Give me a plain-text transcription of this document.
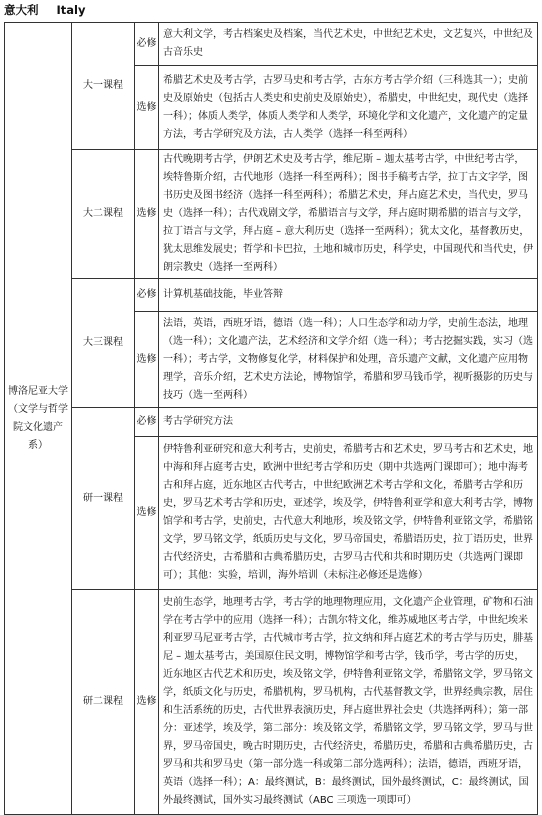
意大利 Italy
博洛尼亚大学
（文学与哲学院文化遗产系）	大一课程	必修	意大利文学，考古档案史及档案，当代艺术史，中世纪艺术史，文艺复兴，中世纪及古音乐史
		选修	希腊艺术史及考古学，古罗马史和考古学，古东方考古学介绍（三科选其一）；史前史及原始史（包括古人类史和史前史及原始史），希腊史，中世纪史，现代史（选择一科）；体质人类学，体质人类学和人类学，环境化学和文化遗产，文化遗产的定量方法，考古学研究及方法，古人类学（选择一科至两科）
	大二课程	选修	古代晚期考古学，伊朗艺术史及考古学，维尼斯 – 迦太基考古学，中世纪考古学，埃特鲁斯介绍，古代地形（选择一科至两科）；图书手稿考古学，拉丁古文字学，图书历史及图书经济（选择一科至两科）；希腊艺术史，拜占庭艺术史，当代史，罗马史（选择一科）；古代戏剧文学，希腊语言与文学，拜占庭时期希腊的语言与文学，拉丁语言与文学，拜占庭 – 意大利历史（选择一至两科）；犹太文化，基督教历史，犹太思维发展史；哲学和卡巴拉，土地和城市历史，科学史，中国现代和当代史，伊朗宗教史（选择一至两科）
	大三课程	必修	计算机基础技能，毕业答辩
		选修	法语，英语，西班牙语，德语（选一科）；人口生态学和动力学，史前生态法，地理（选一科）；文化遗产法，艺术经济和文学介绍（选一科）；考古挖掘实践，实习（选一科）；考古学，文物修复化学，材料保护和处理，音乐遗产文献，文化遗产应用物理学，音乐介绍，艺术史方法论，博物馆学，希腊和罗马钱币学，视听摄影的历史与技巧（选一至两科）
	研一课程	必修	考古学研究方法
		选修	伊特鲁利亚研究和意大利考古，史前史，希腊考古和艺术史，罗马考古和艺术史，地中海和拜占庭考古史，欧洲中世纪考古学和历史（期中共选两门课即可）；地中海考古和拜占庭，近东地区古代考古，中世纪欧洲艺术考古学和文化，希腊考古学和历史，罗马艺术考古学和历史，亚述学，埃及学，伊特鲁利亚学和意大利考古学，博物馆学和考古学，史前史，古代意大利地形，埃及铭文学，伊特鲁利亚铭文学，希腊铭文学，罗马铭文学，纸质历史与文化，罗马帝国史，希腊语历史，拉丁语历史，世界古代经济史，古希腊和古典希腊历史，古罗马古代和共和时期历史（共选两门课即可）；其他：实验，培训，海外培训（未标注必修还是选修）
	研二课程	选修	史前生态学，地理考古学，考古学的地理物理应用，文化遗产企业管理，矿物和石油学在考古学中的应用（选择一科）；古凯尔特文化，维苏威地区考古学，中世纪埃米利亚罗马尼亚考古学，古代城市考古学，拉文纳和拜占庭艺术的考古学与历史，腓基尼 – 迦太基考古，美国原住民文明，博物馆学和考古学，钱币学，考古学的历史，近东地区古代艺术和历史，埃及铭文学，伊特鲁利亚铭文学，希腊铭文学，罗马铭文学，纸质文化与历史，希腊机构，罗马机构，古代基督教文学，世界经典宗教，居住和生活系统的历史，古代世界表演历史，拜占庭世界社会史（共选择两科）；第一部分：亚述学，埃及学，第二部分：埃及铭文学，希腊铭文学，罗马铭文学，罗马与世界，罗马帝国史，晚古时期历史，古代经济史，希腊历史，希腊和古典希腊历史，古罗马和共和罗马史（第一部分选一科或第二部分选两科）；法语，德语，西班牙语，英语（选择一科）；A：最终测试，B：最终测试，国外最终测试，C：最终测试，国外最终测试，国外实习最终测试（ABC 三项选一项即可）
